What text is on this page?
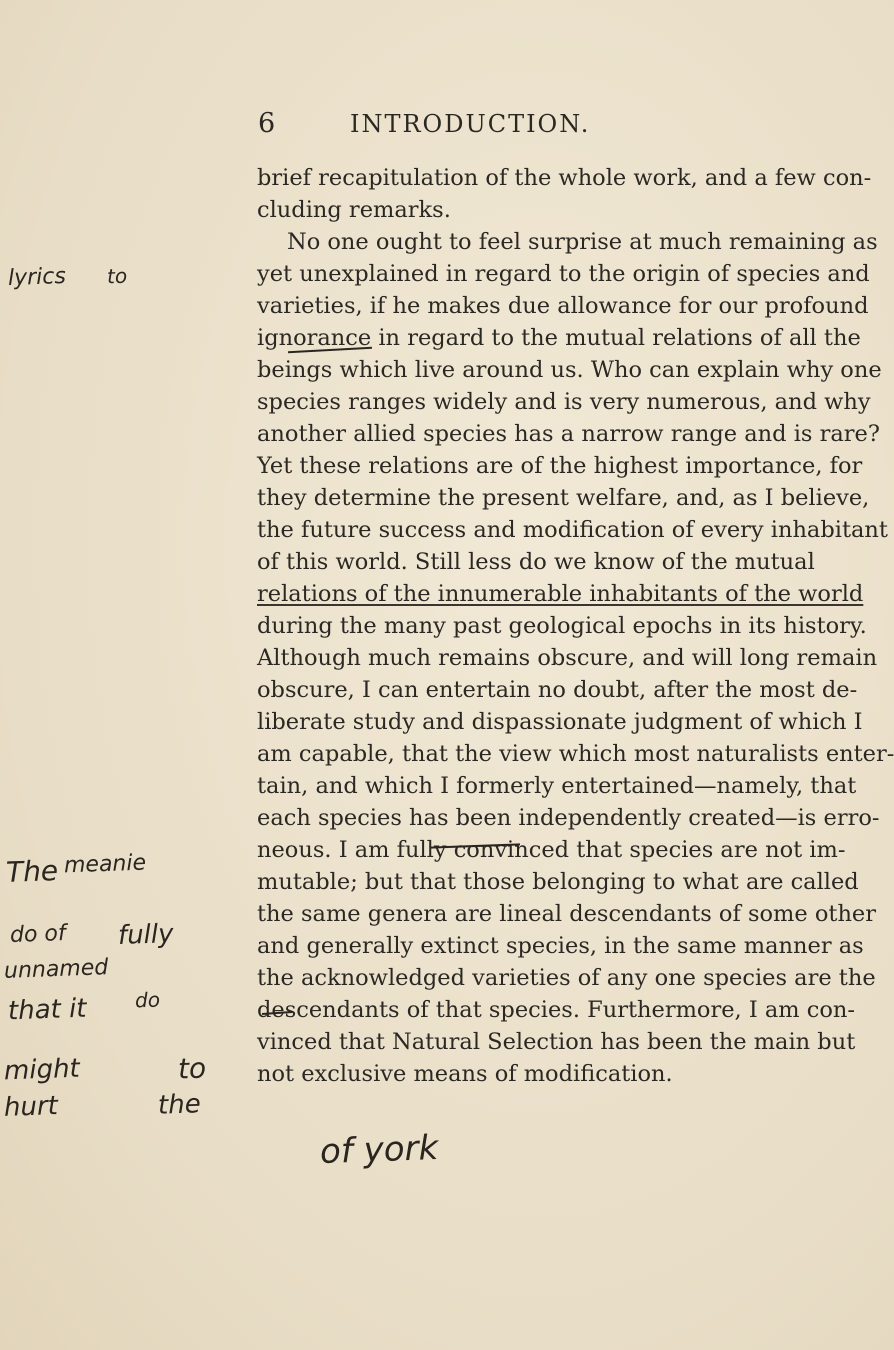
6	INTRODUCTION.
brief recapitulation of the whole work, and a few con-
cluding remarks.
No one ought to feel surprise at much remaining as
yet unexplained in regard to the origin of species and
varieties, if he makes due allowance for our profound
ignorance in regard to the mutual relations of all the
beings which live around us. Who can explain why one
species ranges widely and is very numerous, and why
another allied species has a narrow range and is rare?
Yet these relations are of the highest importance, for
they determine the present welfare, and, as I believe,
the future success and modification of every inhabitant
of this world. Still less do we know of the mutual
relations of the innumerable inhabitants of the world
during the many past geological epochs in its history.
Although much remains obscure, and will long remain
obscure, I can entertain no doubt, after the most de-
liberate study and dispassionate judgment of which I
am capable, that the view which most naturalists enter-
tain, and which I formerly entertained—namely, that
each species has been independently created—is erro-
neous. I am fully convinced that species are not im-
mutable; but that those belonging to what are called
the same genera are lineal descendants of some other
and generally extinct species, in the same manner as
the acknowledged varieties of any one species are the
descendants of that species. Furthermore, I am con-
vinced that Natural Selection has been the main but
not exclusive means of modification.
lyrics to
The meanie
do of fully
unnamed
that it do
might	to
hurt	the
of york
